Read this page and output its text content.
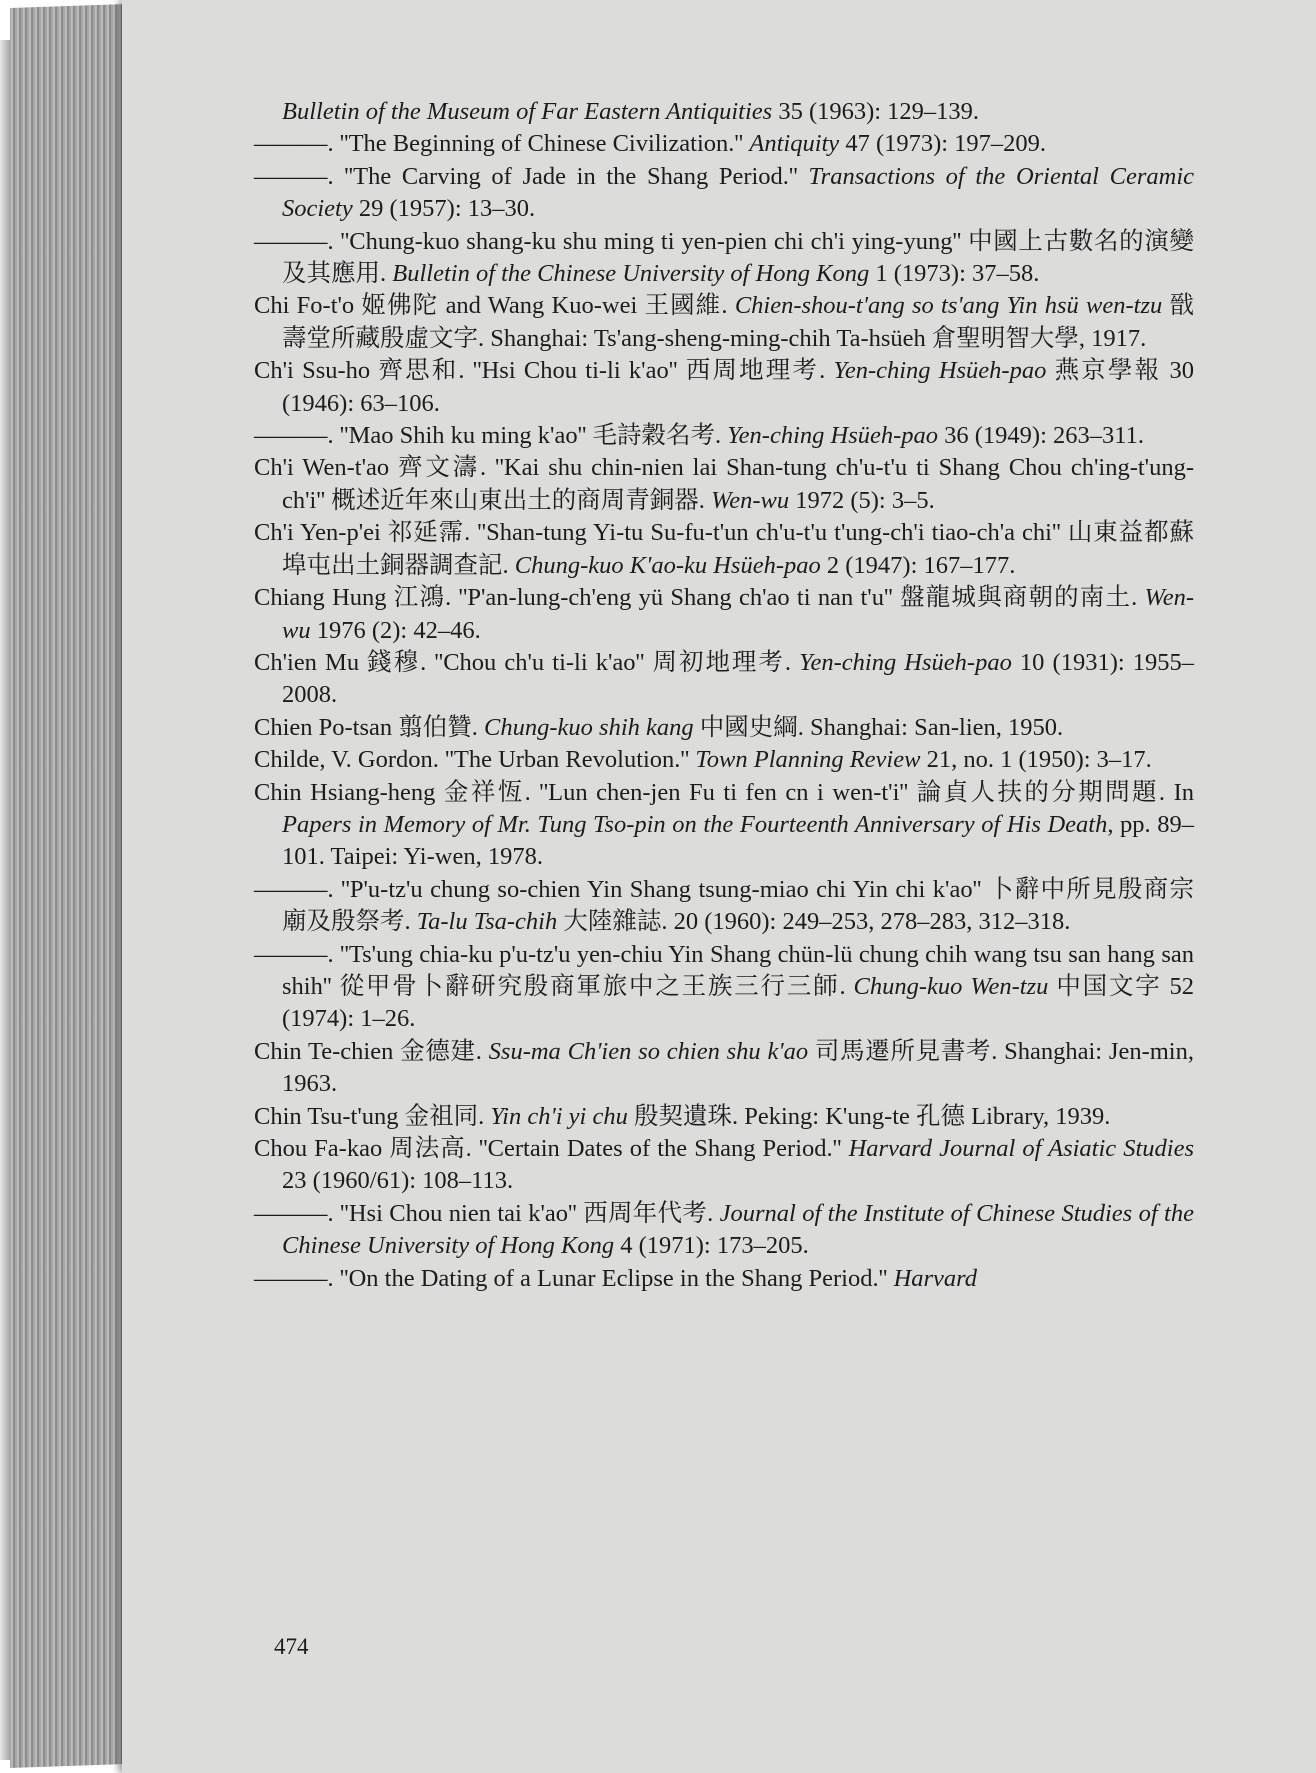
Bulletin of the Museum of Far Eastern Antiquities 35 (1963): 129–139.
———. ''The Beginning of Chinese Civilization.'' Antiquity 47 (1973): 197–209.
———. ''The Carving of Jade in the Shang Period.'' Transactions of the Oriental Ceramic Society 29 (1957): 13–30.
———. ''Chung-kuo shang-ku shu ming ti yen-pien chi ch'i ying-yung'' 中國上古數名的演變及其應用. Bulletin of the Chinese University of Hong Kong 1 (1973): 37–58.
Chi Fo-t'o 姬佛陀 and Wang Kuo-wei 王國維. Chien-shou-t'ang so ts'ang Yin hsü wen-tzu 戩壽堂所藏殷虛文字. Shanghai: Ts'ang-sheng-ming-chih Ta-hsüeh 倉聖明智大學, 1917.
Ch'i Ssu-ho 齊思和. ''Hsi Chou ti-li k'ao'' 西周地理考. Yen-ching Hsüeh-pao 燕京學報 30 (1946): 63–106.
———. ''Mao Shih ku ming k'ao'' 毛詩穀名考. Yen-ching Hsüeh-pao 36 (1949): 263–311.
Ch'i Wen-t'ao 齊文濤. ''Kai shu chin-nien lai Shan-tung ch'u-t'u ti Shang Chou ch'ing-t'ung-ch'i'' 概述近年來山東出土的商周青銅器. Wen-wu 1972 (5): 3–5.
Ch'i Yen-p'ei 祁延霈. ''Shan-tung Yi-tu Su-fu-t'un ch'u-t'u t'ung-ch'i tiao-ch'a chi'' 山東益都蘇埠屯出土銅器調查記. Chung-kuo K'ao-ku Hsüeh-pao 2 (1947): 167–177.
Chiang Hung 江鴻. ''P'an-lung-ch'eng yü Shang ch'ao ti nan t'u'' 盤龍城與商朝的南土. Wen-wu 1976 (2): 42–46.
Ch'ien Mu 錢穆. ''Chou ch'u ti-li k'ao'' 周初地理考. Yen-ching Hsüeh-pao 10 (1931): 1955–2008.
Chien Po-tsan 翦伯贊. Chung-kuo shih kang 中國史綱. Shanghai: San-lien, 1950.
Childe, V. Gordon. ''The Urban Revolution.'' Town Planning Review 21, no. 1 (1950): 3–17.
Chin Hsiang-heng 金祥恆. ''Lun chen-jen Fu ti fen cn i wen-t'i'' 論貞人扶的分期問題. In Papers in Memory of Mr. Tung Tso-pin on the Fourteenth Anniversary of His Death, pp. 89–101. Taipei: Yi-wen, 1978.
———. ''P'u-tz'u chung so-chien Yin Shang tsung-miao chi Yin chi k'ao'' 卜辭中所見殷商宗廟及殷祭考. Ta-lu Tsa-chih 大陸雜誌. 20 (1960): 249–253, 278–283, 312–318.
———. ''Ts'ung chia-ku p'u-tz'u yen-chiu Yin Shang chün-lü chung chih wang tsu san hang san shih'' 從甲骨卜辭研究殷商軍旅中之王族三行三師. Chung-kuo Wen-tzu 中国文字 52 (1974): 1–26.
Chin Te-chien 金德建. Ssu-ma Ch'ien so chien shu k'ao 司馬遷所見書考. Shanghai: Jen-min, 1963.
Chin Tsu-t'ung 金祖同. Yin ch'i yi chu 殷契遺珠. Peking: K'ung-te 孔德 Library, 1939.
Chou Fa-kao 周法高. ''Certain Dates of the Shang Period.'' Harvard Journal of Asiatic Studies 23 (1960/61): 108–113.
———. ''Hsi Chou nien tai k'ao'' 西周年代考. Journal of the Institute of Chinese Studies of the Chinese University of Hong Kong 4 (1971): 173–205.
———. ''On the Dating of a Lunar Eclipse in the Shang Period.'' Harvard
474
